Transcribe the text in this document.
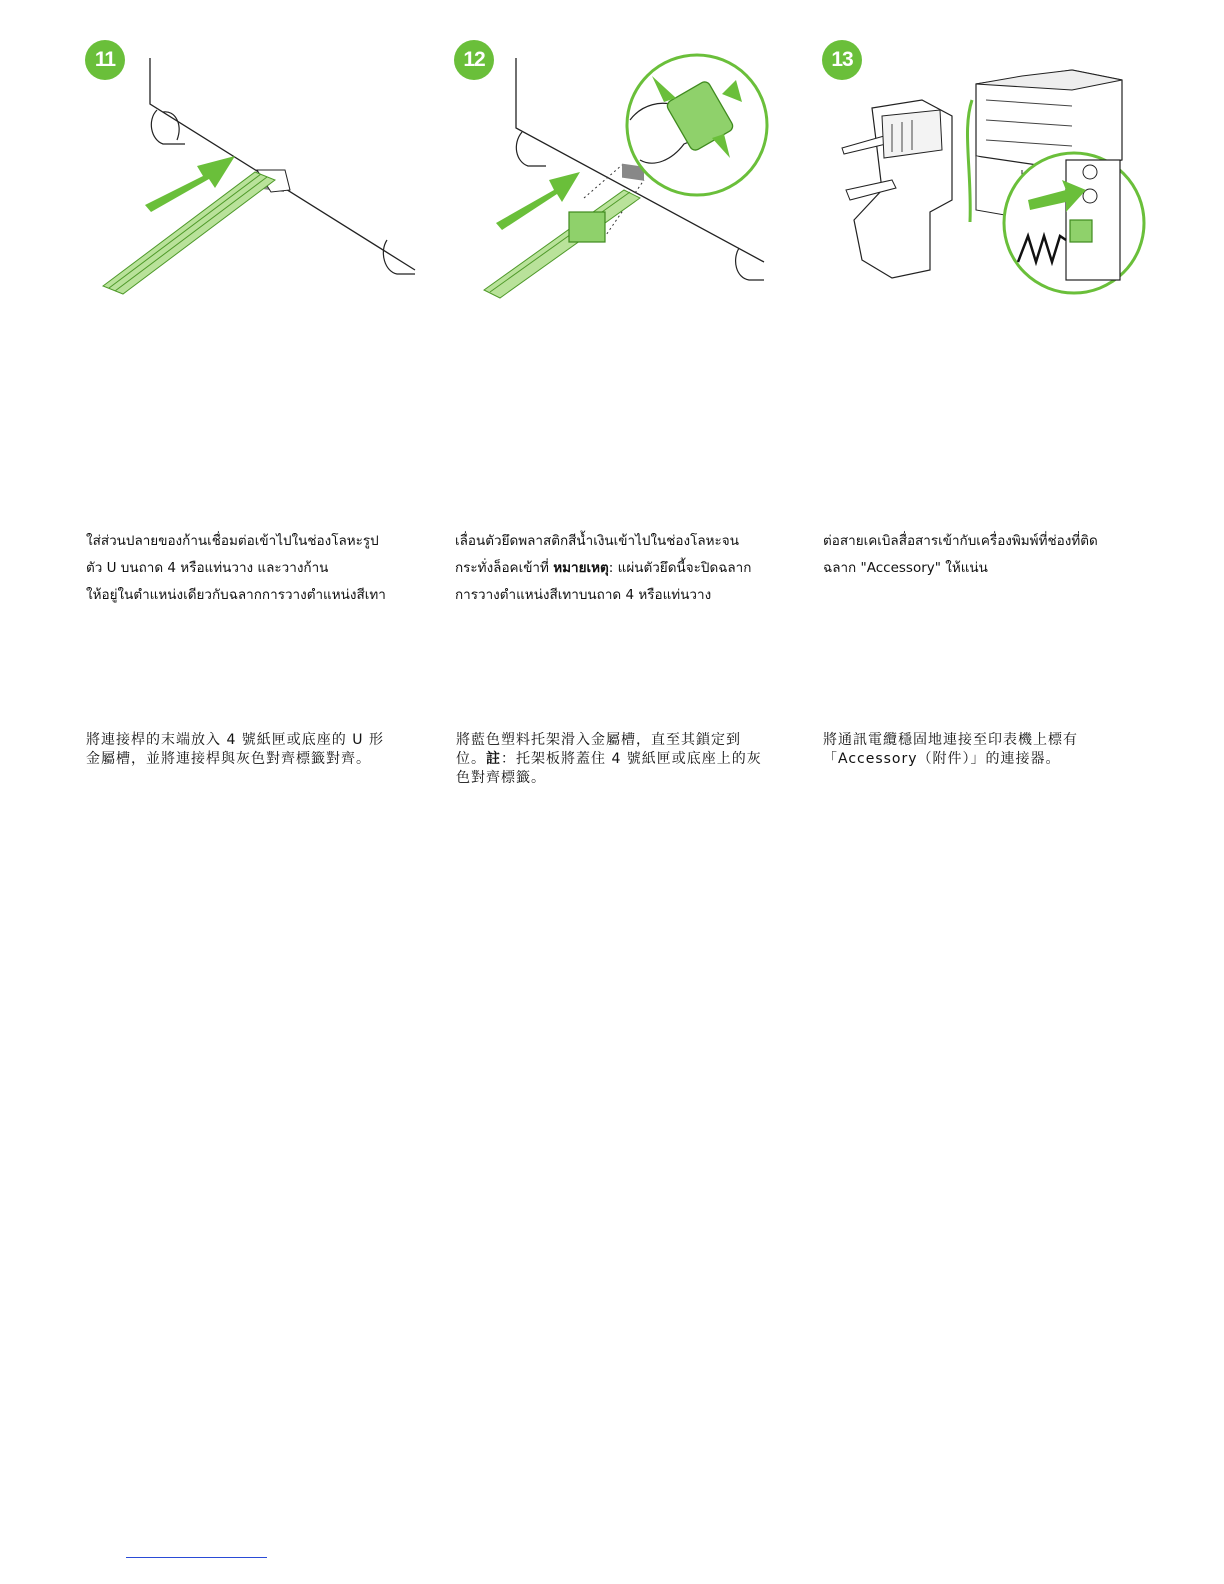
11	12	13
ใส่ส่วนปลายของก้านเชื่อมต่อเข้าไปในช่องโลหะรูป
ตัว U บนถาด 4 หรือแท่นวาง และวางก้าน
ให้อยู่ในตำแหน่งเดียวกับฉลากการวางตำแหน่งสีเทา
เลื่อนตัวยึดพลาสติกสีน้ำเงินเข้าไปในช่องโลหะจน
กระทั่งล็อคเข้าที่ หมายเหตุ: แผ่นตัวยึดนี้จะปิดฉลาก
การวางตำแหน่งสีเทาบนถาด 4 หรือแท่นวาง
ต่อสายเคเบิลสื่อสารเข้ากับเครื่องพิมพ์ที่ช่องที่ติด
ฉลาก "Accessory" ให้แน่น
將連接桿的末端放入 4 號紙匣或底座的 U 形
金屬槽，並將連接桿與灰色對齊標籤對齊。
將藍色塑料托架滑入金屬槽，直至其鎖定到
位。註：托架板將蓋住 4 號紙匣或底座上的灰
色對齊標籤。
將通訊電纜穩固地連接至印表機上標有
「Accessory（附件）」的連接器。
